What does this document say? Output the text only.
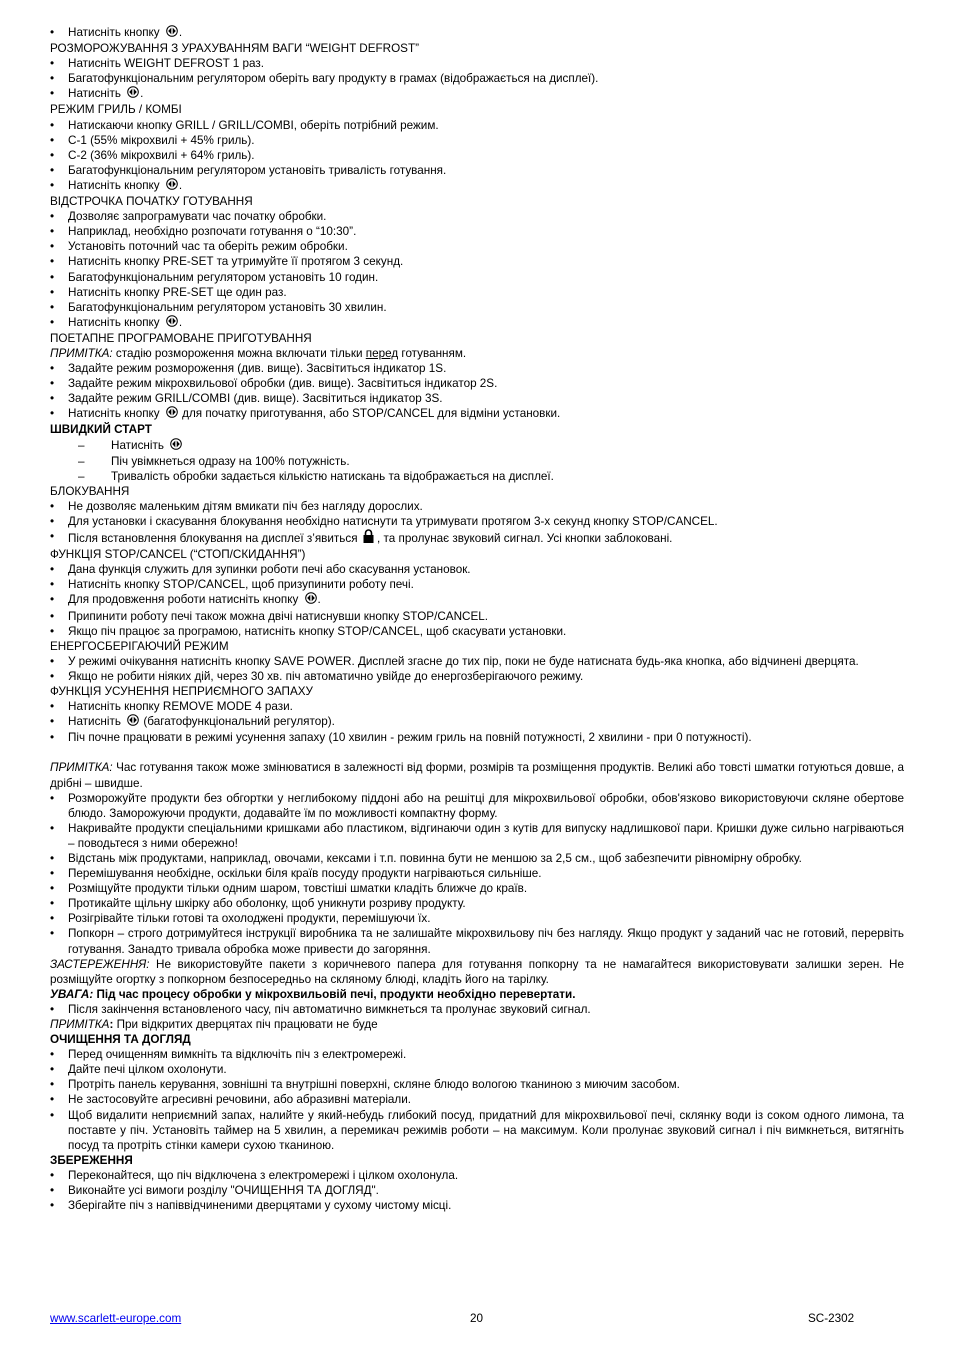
• Натисніть кнопку .
РОЗМОРОЖУВАННЯ З УРАХУВАННЯМ ВАГИ “WEIGHT DEFROST”
• Натисніть WEIGHT DEFROST 1 раз.
• Багатофункціональним регулятором оберіть вагу продукту в грамах (відображається на дисплеї).
• Натисніть .
РЕЖИМ ГРИЛЬ / КОМБІ
• Натискаючи кнопку GRILL / GRILL/COMBI, оберіть потрібний режим.
• C-1 (55% мікрохвилі + 45% гриль).
• C-2 (36% мікрохвилі + 64% гриль).
• Багатофункціональним регулятором установіть тривалість готування.
• Натисніть кнопку .
ВІДСТРОЧКА ПОЧАТКУ ГОТУВАННЯ
• Дозволяє запрограмувати час початку обробки.
• Наприклад, необхідно розпочати готування о “10:30”.
• Установіть поточний час та оберіть режим обробки.
• Натисніть кнопку PRE-SET та утримуйте її протягом 3 секунд.
• Багатофункціональним регулятором установіть 10 годин.
• Натисніть кнопку PRE-SET ще один раз.
• Багатофункціональним регулятором установіть 30 хвилин.
• Натисніть кнопку .
ПОЕТАПНЕ ПРОГРАМОВАНЕ ПРИГОТУВАННЯ
ПРИМІТКА: стадію розмороження можна включати тільки перед готуванням.
• Задайте режим розмороження (див. вище). Засвітиться індикатор 1S.
• Задайте режим мікрохвильової обробки (див. вище). Засвітиться індикатор 2S.
• Задайте режим GRILL/COMBI (див. вище). Засвітиться індикатор 3S.
• Натисніть кнопку  для початку приготування, або STOP/CANCEL для відміни установки.
ШВИДКИЙ СТАРТ
– Натисніть
– Піч увімкнеться одразу на 100% потужність.
– Тривалість обробки задається кількістю натискань та відображається на дисплеї.
БЛОКУВАННЯ
• Не дозволяє маленьким дітям вмикати піч без нагляду дорослих.
• Для установки і скасування блокування необхідно натиснути та утримувати протягом 3-х секунд кнопку STOP/CANCEL.
• Після встановлення блокування на дисплеї з’явиться  , та пролунає звуковий сигнал. Усі кнопки заблоковані.
ФУНКЦІЯ STOP/CANCEL (“СТОП/СКИДАННЯ”)
• Дана функція служить для зупинки роботи печі або скасування установок.
• Натисніть кнопку STOP/CANCEL, щоб призупинити роботу печі.
• Для продовження роботи натисніть кнопку .
• Припинити роботу печі також можна двічі натиснувши кнопку STOP/CANCEL.
• Якщо піч працює за програмою, натисніть кнопку STOP/CANCEL, щоб скасувати установки.
ЕНЕРГОСБЕРІГАЮЧИЙ РЕЖИМ
• У режимі очікування натисніть кнопку SAVE POWER. Дисплей згасне до тих пір, поки не буде натисната будь-яка кнопка, або відчинені дверцята.
• Якщо не робити ніяких дій, через 30 хв. піч автоматично увійде до енергозберігаючого режиму.
ФУНКЦІЯ УСУНЕННЯ НЕПРИЄМНОГО ЗАПАХУ
• Натисніть кнопку REMOVE MODE 4 рази.
• Натисніть  (багатофункціональний регулятор).
• Піч почне працювати в режимі усунення запаху (10 хвилин - режим гриль на повній потужності, 2 хвилини - при 0 потужності).
ПРИМІТКА: Час готування також може змінюватися в залежності від форми, розмірів та розміщення продуктів. Великі або товсті шматки готуються довше, а дрібні – швидше.
• Розморожуйте продукти без обгортки у неглибокому піддоні або на решітці для мікрохвильової обробки, обов'язково використовуючи скляне обертове блюдо. Заморожуючи продукти, додавайте їм по можливості компактну форму.
• Накривайте продукти спеціальними кришками або пластиком, відгинаючи один з кутів для випуску надлишкової пари. Кришки дуже сильно нагріваються – поводьтеся з ними обережно!
• Відстань між продуктами, наприклад, овочами, кексами і т.п. повинна бути не меншою за 2,5 см., щоб забезпечити рівномірну обробку.
• Перемішування необхідне, оскільки біля країв посуду продукти нагріваються сильніше.
• Розміщуйте продукти тільки одним шаром, товстіші шматки кладіть ближче до країв.
• Протикайте щільну шкірку або оболонку, щоб уникнути розриву продукту.
• Розігрівайте тільки готові та охолоджені продукти, перемішуючи їх.
• Попкорн – строго дотримуйтеся інструкції виробника та не залишайте мікрохвильову піч без нагляду. Якщо продукт у заданий час не готовий, перервіть готування. Занадто тривала обробка може привести до загоряння.
ЗАСТЕРЕЖЕННЯ: Не використовуйте пакети з коричневого папера для готування попкорну та не намагайтеся використовувати залишки зерен. Не розміщуйте огортку з попкорном безпосередньо на скляному блюді, кладіть його на тарілку.
УВАГА: Під час процесу обробки у мікрохвильовій печі, продукти необхідно перевертати.
• Після закінчення встановленого часу, піч автоматично вимкнеться та пролунає звуковий сигнал.
ПРИМІТКА: При відкритих дверцятах піч працювати не буде
ОЧИЩЕННЯ ТА ДОГЛЯД
• Перед очищенням вимкніть та відключіть піч з електромережі.
• Дайте печі цілком охолонути.
• Протріть панель керування, зовнішні та внутрішні поверхні, скляне блюдо вологою тканиною з миючим засобом.
• Не застосовуйте агресивні речовини, або абразивні матеріали.
• Щоб видалити неприємний запах, налийте у який-небудь глибокий посуд, придатний для мікрохвильової печі, склянку води із соком одного лимона, та поставте у піч. Установіть таймер на 5 хвилин, а перемикач режимів роботи – на максимум. Коли пролунає звуковий сигнал і піч вимкнеться, витягніть посуд та протріть стінки камери сухою тканиною.
ЗБЕРЕЖЕННЯ
• Переконайтеся, що піч відключена з електромережі і цілком охолонула.
• Виконайте усі вимоги розділу "ОЧИЩЕННЯ ТА ДОГЛЯД".
• Зберігайте піч з напіввідчиненими дверцятами у сухому чистому місці.
www.scarlett-europe.com	20	SC-2302
